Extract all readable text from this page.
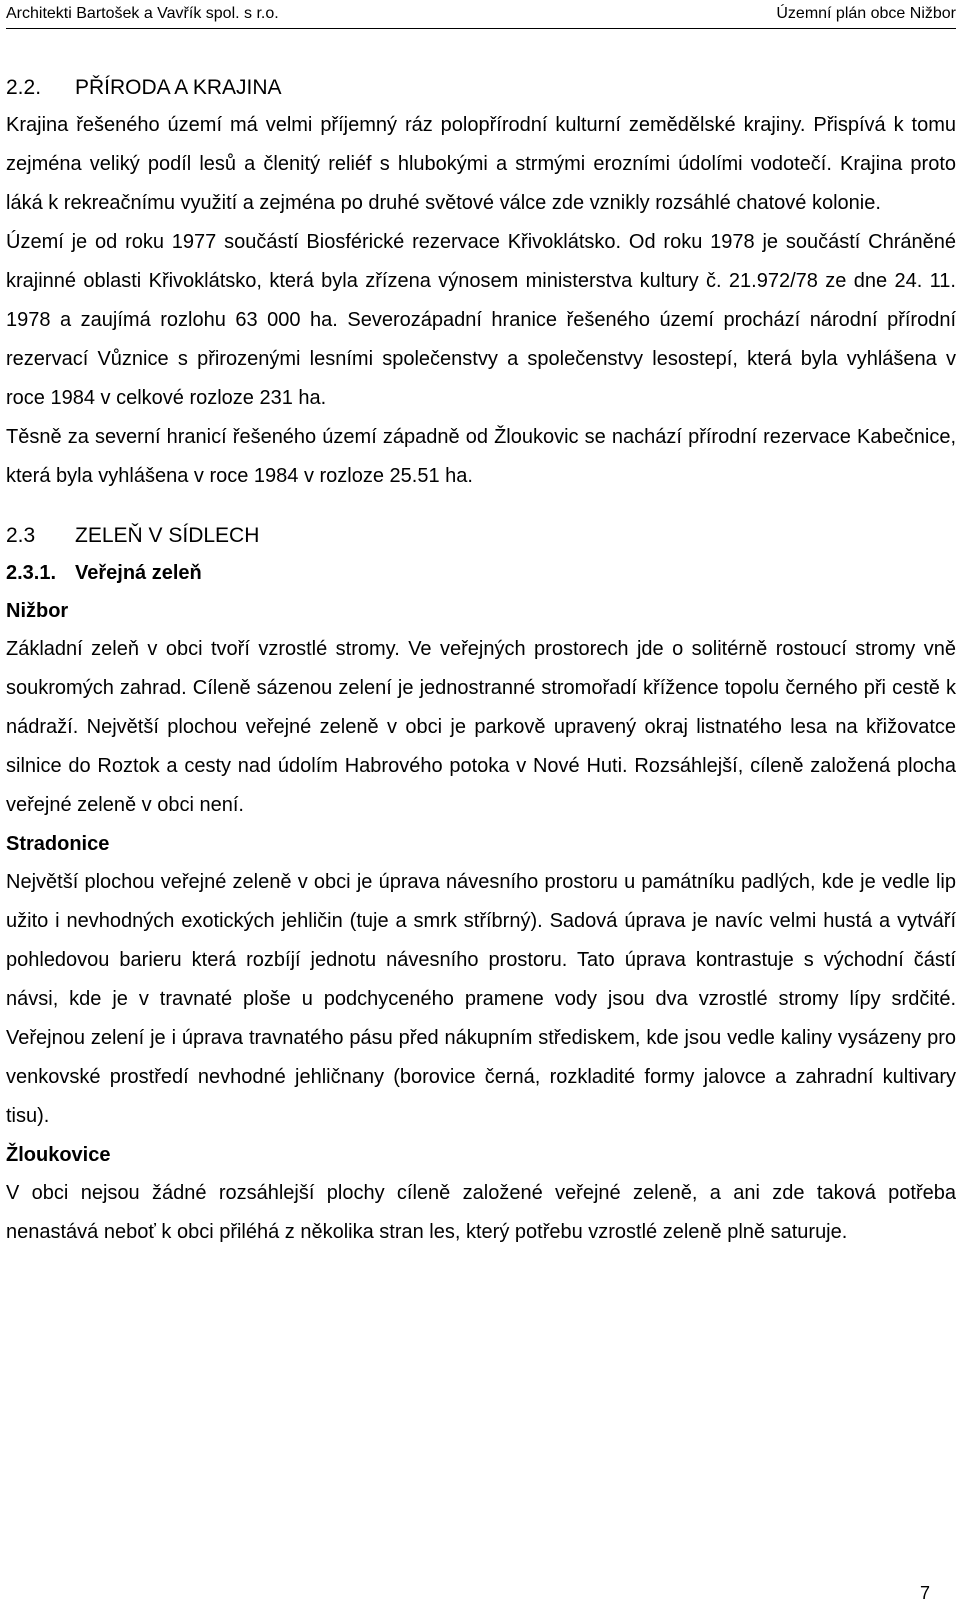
Architekti Bartošek a Vavřík spol. s r.o.	Územní plán obce Nižbor
2.2.	PŘÍRODA A KRAJINA

Krajina řešeného území má velmi příjemný ráz polopřírodní kulturní zemědělské krajiny. Přispívá k tomu zejména veliký podíl lesů a členitý reliéf s hlubokými a strmými erozními údolími vodotečí. Krajina proto láká k rekreačnímu využití a zejména po druhé světové válce zde vznikly rozsáhlé chatové kolonie.

Území je od roku 1977 součástí Biosférické rezervace Křivoklátsko. Od roku 1978 je součástí Chráněné krajinné oblasti Křivoklátsko, která byla zřízena výnosem ministerstva kultury č. 21.972/78 ze dne 24. 11. 1978 a zaujímá rozlohu 63 000 ha. Severozápadní hranice řešeného území prochází národní přírodní rezervací Vůznice s přirozenými lesními společenstvy a společenstvy lesostepí, která byla vyhlášena v roce 1984 v celkové rozloze 231 ha.

Těsně za severní hranicí řešeného území západně od Žloukovic se nachází přírodní rezervace Kabečnice, která byla vyhlášena v roce 1984 v rozloze 25.51 ha.

2.3	ZELEŇ V SÍDLECH
2.3.1. Veřejná zeleň
Nižbor

Základní zeleň v obci tvoří vzrostlé stromy. Ve veřejných prostorech jde o solitérně rostoucí stromy vně soukromých zahrad. Cíleně sázenou zelení je jednostranné stromořadí křížence topolu černého při cestě k nádraží. Největší plochou veřejné zeleně v obci je parkově upravený okraj listnatého lesa na křižovatce silnice do Roztok a cesty nad údolím Habrového potoka v Nové Huti. Rozsáhlejší, cíleně založená plocha veřejné zeleně v obci není.

Stradonice

Největší plochou veřejné zeleně v obci je úprava návesního prostoru u památníku padlých, kde je vedle lip užito i nevhodných exotických jehličin (tuje a smrk stříbrný). Sadová úprava je navíc velmi hustá a vytváří pohledovou barieru která rozbíjí jednotu návesního prostoru. Tato úprava kontrastuje s východní částí návsi, kde je v travnaté ploše u podchyceného pramene vody jsou dva vzrostlé stromy lípy srdčité. Veřejnou zelení je i úprava travnatého pásu před nákupním střediskem, kde jsou vedle kaliny vysázeny pro venkovské prostředí nevhodné jehličnany (borovice černá, rozkladité formy jalovce a zahradní kultivary tisu).

Žloukovice

V obci nejsou žádné rozsáhlejší plochy cíleně založené veřejné zeleně, a ani zde taková potřeba nenastává neboť k obci přiléhá z několika stran les, který potřebu vzrostlé zeleně plně saturuje.

7
